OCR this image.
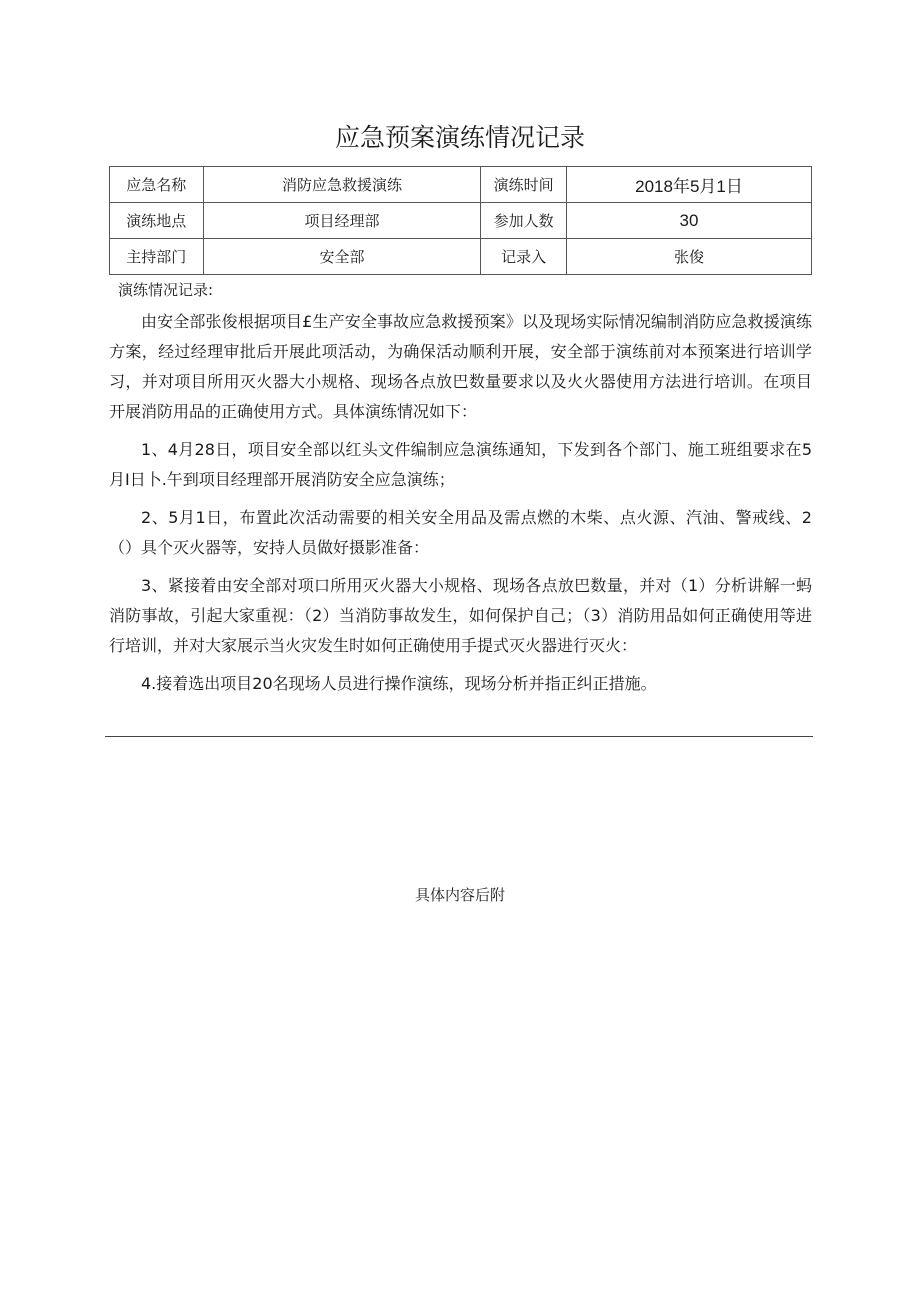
应急预案演练情况记录
应急名称	消防应急救援演练	演练时间	2018年5月1日
演练地点	项目经理部	参加人数	30
主持部门	安全部	记录入	张俊
演练情况记录:

由安全部张俊根据项目£生产安全事故应急救援预案》以及现场实际情况编制消防应急救援演练方案，经过经理审批后开展此项活动，为确保活动顺利开展，安全部于演练前对本预案进行培训学习，并对项目所用灭火器大小规格、现场各点放巴数量要求以及火火器使用方法进行培训。在项目开展消防用品的正确使用方式。具体演练情况如下：

1、4月28日，项目安全部以红头文件编制应急演练通知，下发到各个部门、施工班组要求在5月I日卜.午到项目经理部开展消防安全应急演练；

2、5月1日，布置此次活动需要的相关安全用品及需点燃的木柴、点火源、汽油、警戒线、2（）具个灭火器等，安持人员做好摄影准备：

3、紧接着由安全部对项口所用灭火器大小规格、现场各点放巴数量，并对（1）分析讲解一蚂消防事故，引起大家重视：（2）当消防事故发生，如何保护自己；（3）消防用品如何正确使用等进行培训，并对大家展示当火灾发生时如何正确使用手提式灭火器进行灭火：

4.接着选出项目20名现场人员进行操作演练，现场分析并指正纠正措施。

具体内容后附
